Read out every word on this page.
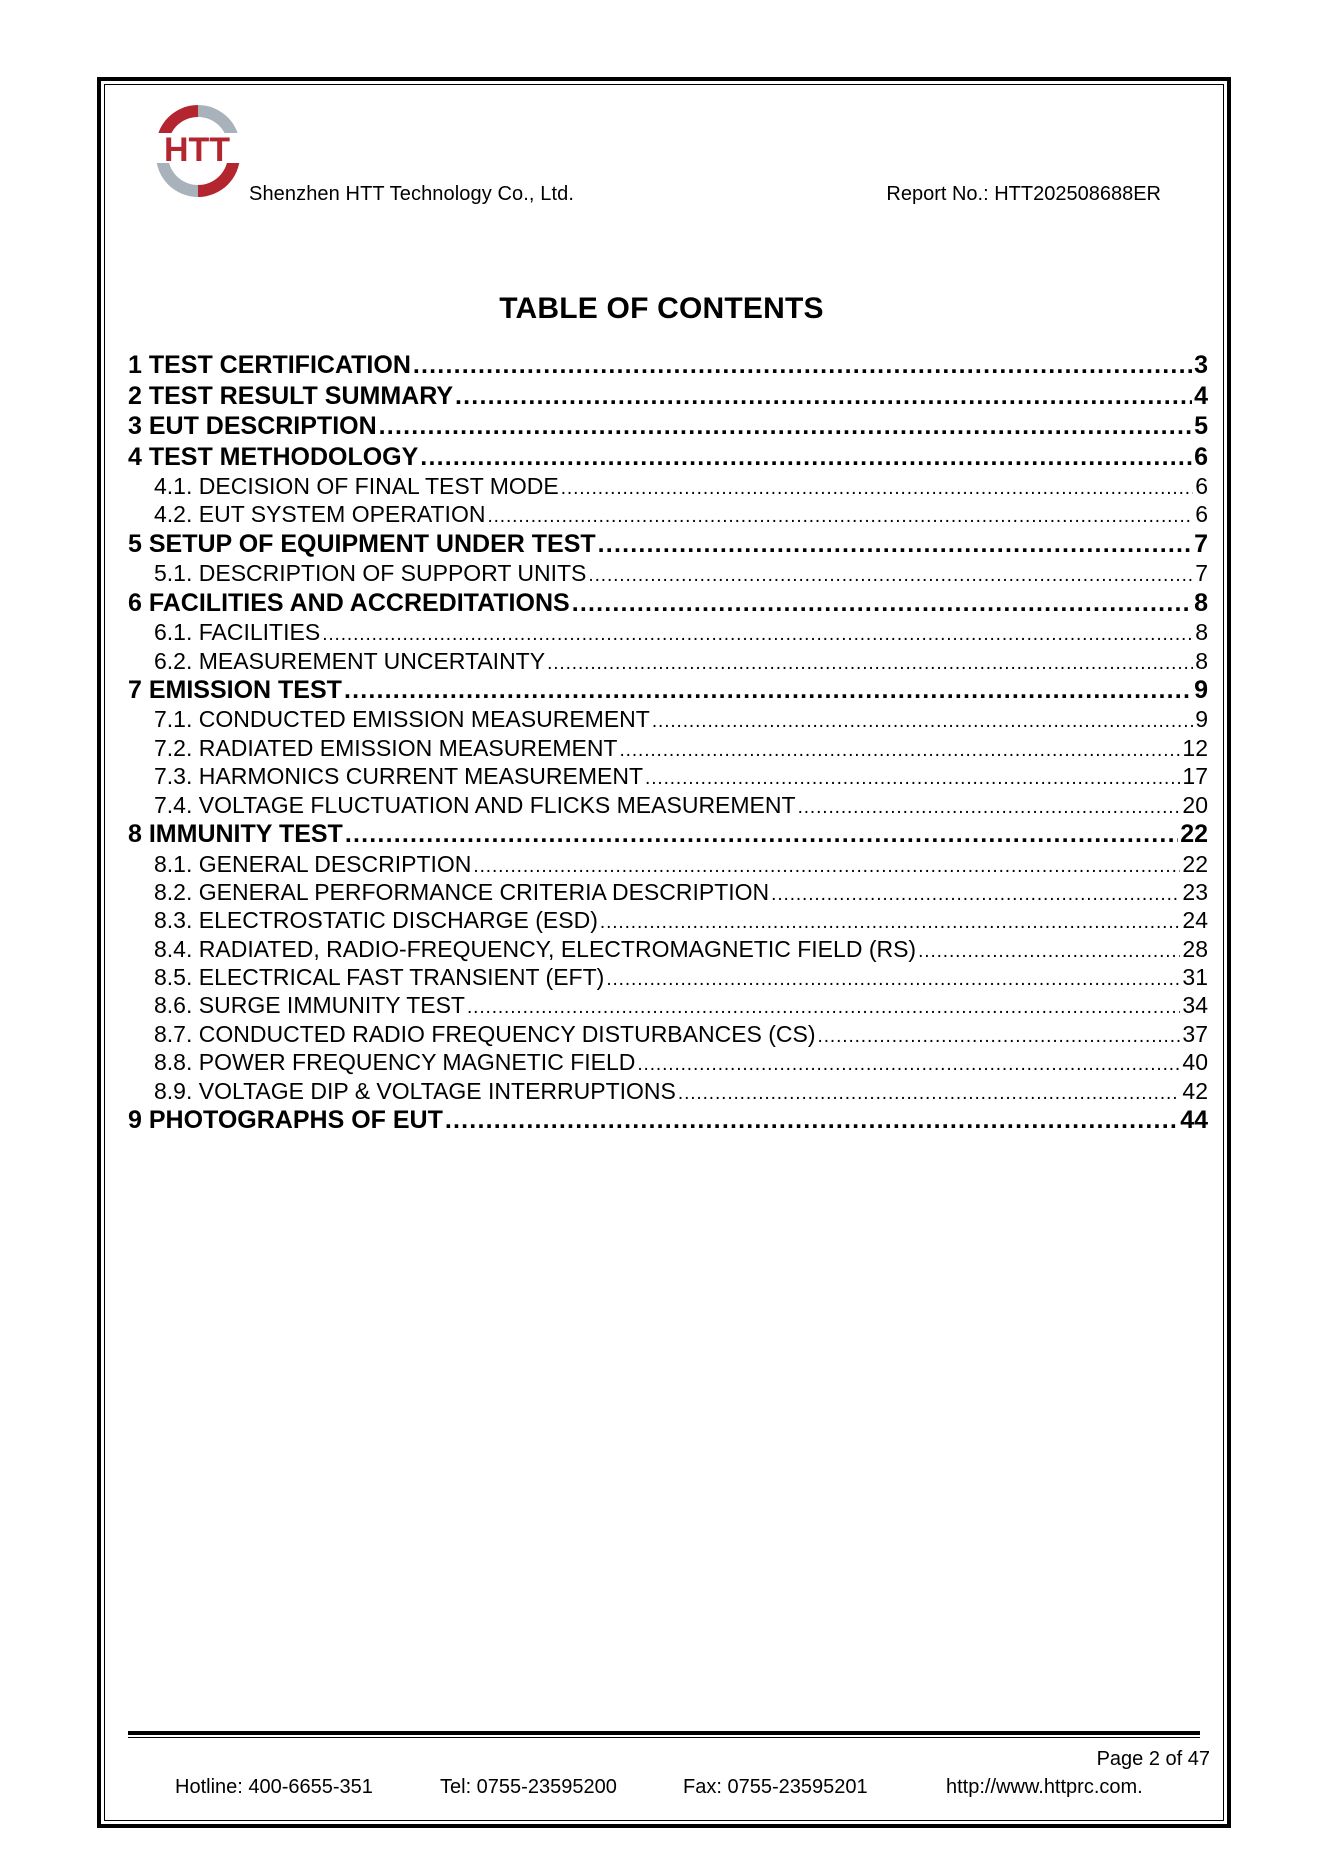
HTT
Shenzhen HTT Technology Co., Ltd.	Report No.: HTT202508688ER
TABLE OF CONTENTS
1 TEST CERTIFICATION .....	3
2 TEST RESULT SUMMARY .....	4
3 EUT DESCRIPTION .....	5
4 TEST METHODOLOGY .....	6
4.1. DECISION OF FINAL TEST MODE .....	6
4.2. EUT SYSTEM OPERATION .....	6
5 SETUP OF EQUIPMENT UNDER TEST .....	7
5.1. DESCRIPTION OF SUPPORT UNITS .....	7
6 FACILITIES AND ACCREDITATIONS .....	8
6.1. FACILITIES .....	8
6.2. MEASUREMENT UNCERTAINTY .....	8
7 EMISSION TEST .....	9
7.1. CONDUCTED EMISSION MEASUREMENT .....	9
7.2. RADIATED EMISSION MEASUREMENT .....	12
7.3. HARMONICS CURRENT MEASUREMENT .....	17
7.4. VOLTAGE FLUCTUATION AND FLICKS MEASUREMENT .....	20
8 IMMUNITY TEST .....	22
8.1. GENERAL DESCRIPTION .....	22
8.2. GENERAL PERFORMANCE CRITERIA DESCRIPTION .....	23
8.3. ELECTROSTATIC DISCHARGE (ESD) .....	24
8.4. RADIATED, RADIO-FREQUENCY, ELECTROMAGNETIC FIELD (RS) .....	28
8.5. ELECTRICAL FAST TRANSIENT (EFT) .....	31
8.6. SURGE IMMUNITY TEST .....	34
8.7. CONDUCTED RADIO FREQUENCY DISTURBANCES (CS) .....	37
8.8. POWER FREQUENCY MAGNETIC FIELD .....	40
8.9. VOLTAGE DIP & VOLTAGE INTERRUPTIONS .....	42
9 PHOTOGRAPHS OF EUT .....	44
Page 2 of 47
Hotline: 400-6655-351	Tel: 0755-23595200	Fax: 0755-23595201	http://www.httprc.com.
